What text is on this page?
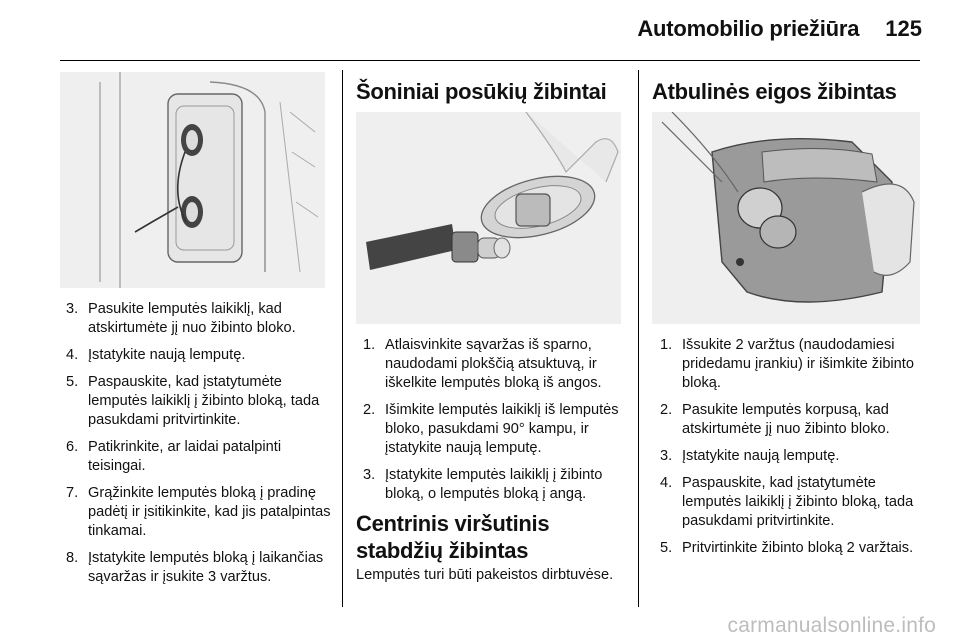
Automobilio priežiūra 125
3. Pasukite lemputės laikiklį, kad atskirtumėte jį nuo žibinto bloko.
4. Įstatykite naują lemputę.
5. Paspauskite, kad įstatytumėte lemputės laikiklį į žibinto bloką, tada pasukdami pritvirtinkite.
6. Patikrinkite, ar laidai patalpinti teisingai.
7. Grąžinkite lemputės bloką į pradinę padėtį ir įsitikinkite, kad jis patalpintas tinkamai.
8. Įstatykite lemputės bloką į laikančias sąvaržas ir įsukite 3 varžtus.
Šoniniai posūkių žibintai
1. Atlaisvinkite sąvaržas iš sparno, naudodami plokščią atsuktuvą, ir iškelkite lemputės bloką iš angos.
2. Išimkite lemputės laikiklį iš lemputės bloko, pasukdami 90° kampu, ir įstatykite naują lemputę.
3. Įstatykite lemputės laikiklį į žibinto bloką, o lemputės bloką į angą.
Centrinis viršutinis stabdžių žibintas
Lemputės turi būti pakeistos dirbtuvėse.
Atbulinės eigos žibintas
1. Išsukite 2 varžtus (naudodamiesi pridedamu įrankiu) ir išimkite žibinto bloką.
2. Pasukite lemputės korpusą, kad atskirtumėte jį nuo žibinto bloko.
3. Įstatykite naują lemputę.
4. Paspauskite, kad įstatytumėte lemputės laikiklį į žibinto bloką, tada pasukdami pritvirtinkite.
5. Pritvirtinkite žibinto bloką 2 varžtais.
carmanualsonline.info
